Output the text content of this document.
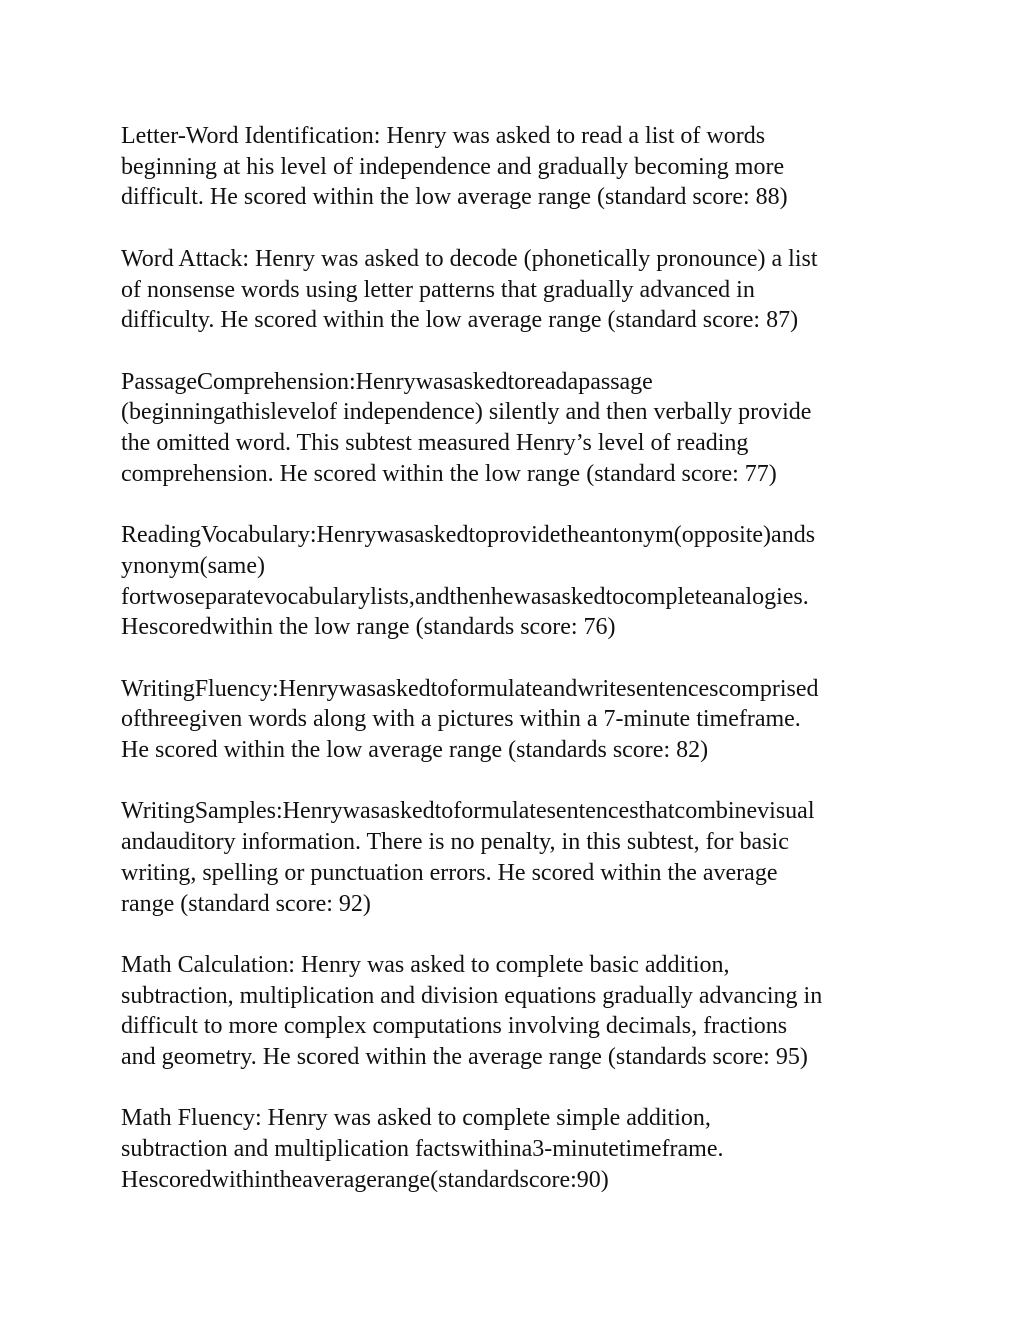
Letter-Word Identification: Henry was asked to read a list of words
beginning at his level of independence and gradually becoming more
difficult. He scored within the low average range (standard score: 88)
Word Attack: Henry was asked to decode (phonetically pronounce) a list
of nonsense words using letter patterns that gradually advanced in
difficulty. He scored within the low average range (standard score: 87)
PassageComprehension:Henrywasaskedtoreadapassage
(beginningathislevelof independence) silently and then verbally provide
the omitted word. This subtest measured Henry’s level of reading
comprehension. He scored within the low range (standard score: 77)
ReadingVocabulary:Henrywasaskedtoprovidetheantonym(opposite)ands
ynonym(same)
fortwoseparatevocabularylists,andthenhewasaskedtocompleteanalogies.
Hescoredwithin the low range (standards score: 76)
WritingFluency:Henrywasaskedtoformulateandwritesentencescomprised
ofthreegiven words along with a pictures within a 7-minute timeframe.
He scored within the low average range (standards score: 82)
WritingSamples:Henrywasaskedtoformulatesentencesthatcombinevisual
andauditory information. There is no penalty, in this subtest, for basic
writing, spelling or punctuation errors. He scored within the average
range (standard score: 92)
Math Calculation: Henry was asked to complete basic addition,
subtraction, multiplication and division equations gradually advancing in
difficult to more complex computations involving decimals, fractions
and geometry. He scored within the average range (standards score: 95)
Math Fluency: Henry was asked to complete simple addition,
subtraction and multiplication factswithina3-minutetimeframe.
Hescoredwithintheaveragerange(standardscore:90)
